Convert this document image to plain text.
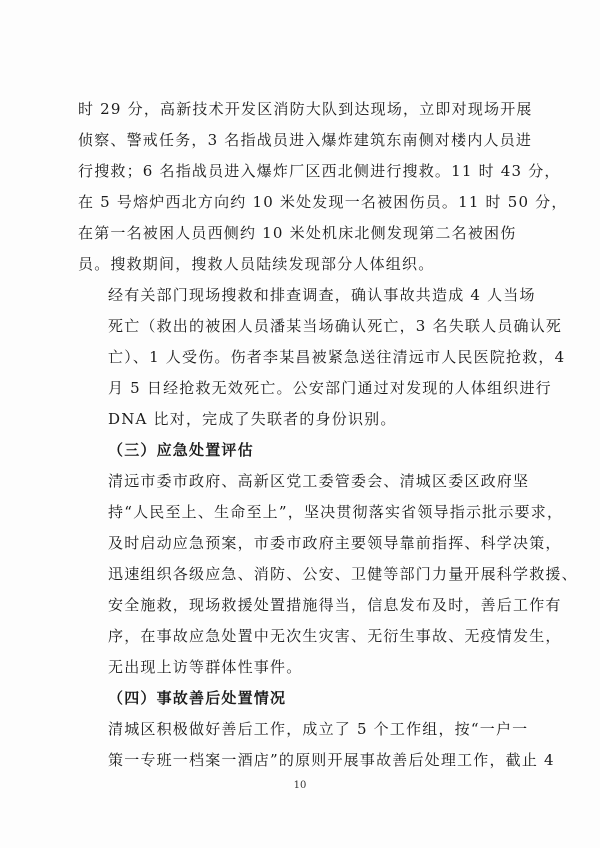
时 29 分，高新技术开发区消防大队到达现场，立即对现场开展
侦察、警戒任务，3 名指战员进入爆炸建筑东南侧对楼内人员进
行搜救；6 名指战员进入爆炸厂区西北侧进行搜救。11 时 43 分，
在 5 号熔炉西北方向约 10 米处发现一名被困伤员。11 时 50 分，
在第一名被困人员西侧约 10 米处机床北侧发现第二名被困伤
员。搜救期间，搜救人员陆续发现部分人体组织。

经有关部门现场搜救和排查调查，确认事故共造成 4 人当场
死亡（救出的被困人员潘某当场确认死亡，3 名失联人员确认死
亡）、1 人受伤。伤者李某昌被紧急送往清远市人民医院抢救，4
月 5 日经抢救无效死亡。公安部门通过对发现的人体组织进行
DNA 比对，完成了失联者的身份识别。

（三）应急处置评估

清远市委市政府、高新区党工委管委会、清城区委区政府坚
持“人民至上、生命至上”，坚决贯彻落实省领导指示批示要求，
及时启动应急预案，市委市政府主要领导靠前指挥、科学决策，
迅速组织各级应急、消防、公安、卫健等部门力量开展科学救援、
安全施救，现场救援处置措施得当，信息发布及时，善后工作有
序，在事故应急处置中无次生灾害、无衍生事故、无疫情发生，
无出现上访等群体性事件。

（四）事故善后处置情况

清城区积极做好善后工作，成立了 5 个工作组，按“一户一
策一专班一档案一酒店”的原则开展事故善后处理工作，截止 4

10
